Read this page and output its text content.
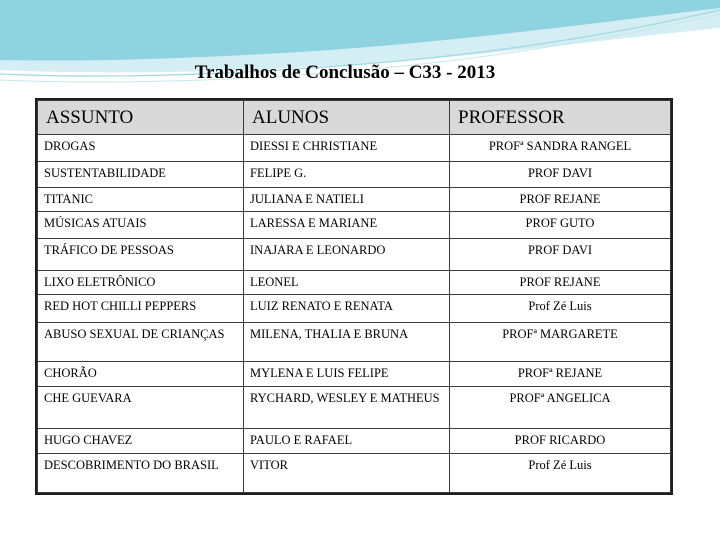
Trabalhos de Conclusão – C33 - 2013
ASSUNTO	ALUNOS	PROFESSOR

DROGAS	DIESSI E CHRISTIANE	PROFª SANDRA RANGEL

SUSTENTABILIDADE	FELIPE G.	PROF DAVI

TITANIC	JULIANA E NATIELI	PROF REJANE

MÚSICAS ATUAIS	LARESSA E MARIANE	PROF GUTO

TRÁFICO DE PESSOAS	INAJARA E LEONARDO	PROF DAVI

LIXO ELETRÔNICO	LEONEL	PROF REJANE

RED HOT CHILLI PEPPERS	LUIZ RENATO E RENATA	Prof Zé Luis

ABUSO SEXUAL DE CRIANÇAS	MILENA, THALIA E BRUNA	PROFª MARGARETE

CHORÃO	MYLENA E LUIS FELIPE	PROFª REJANE

CHE GUEVARA	RYCHARD, WESLEY E MATHEUS	PROFª ANGELICA

HUGO CHAVEZ	PAULO E RAFAEL	PROF RICARDO

DESCOBRIMENTO DO BRASIL	VITOR	Prof Zé Luis
